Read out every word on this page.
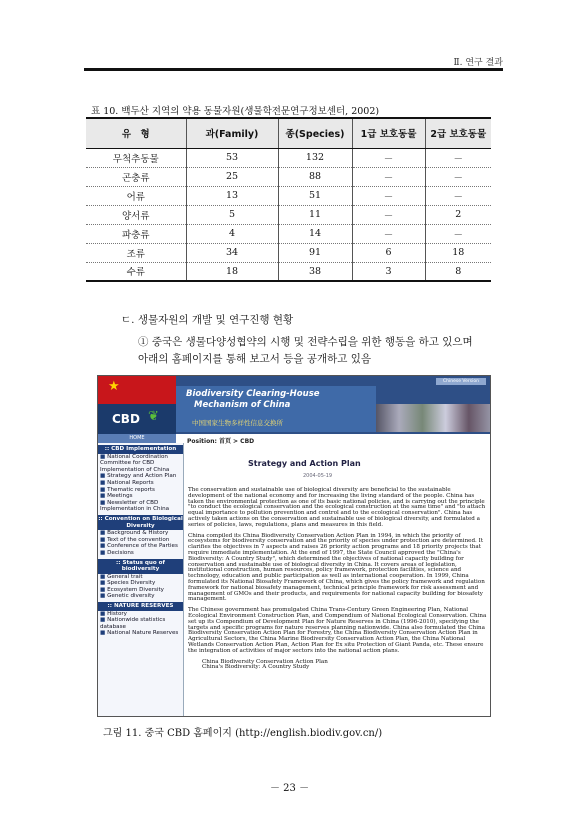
Ⅱ. 연구 결과
표 10. 백두산 지역의 약용 동물자원(생물학전문연구정보센터, 2002)
유　형	과(Family)	종(Species)	1급 보호동물	2급 보호동물
무척추동물	53	132	－	－
곤충류	25	88	－	－
어류	13	51	－	－
양서류	5	11	－	2
파충류	4	14	－	－
조류	34	91	6	18
수류	18	38	3	8
ㄷ. 생물자원의 개발 및 연구진행 현황
① 중국은 생물다양성협약의 시행 및 전략수립을 위한 행동을 하고 있으며
아래의 홈페이지를 통해 보고서 등을 공개하고 있음
★
CBD ❦
Biodiversity Clearing-House
Mechanism of China
中国国家生物多样性信息交换所
Chinese Version
HOME
:: CBD Implementation
■ National Coordination Committee for CBD Implementation of China
■ Strategy and Action Plan
■ National Reports
■ Thematic reports
■ Meetings
■ Newsletter of CBD Implementation in China
:: Convention on Biological Diversity
■ Background & History
■ Text of the convention
■ Conference of the Parties
■ Decisions
:: Status quo of biodiversity
■ General trait
■ Species Diversity
■ Ecosystem Diversity
■ Genetic diversity
:: NATURE RESERVES
■ History
■ Nationwide statistics database
■ National Nature Reserves
Position: 首页 > CBD
Strategy and Action Plan
2004-05-19

The conservation and sustainable use of biological diversity are beneficial to the sustainable development of the national economy and for increasing the living standard of the people. China has taken the environmental protection as one of its basic national policies, and is carrying out the principle "to conduct the ecological conservation and the ecological construction at the same time" and "to attach equal importance to pollution prevention and control and to the ecological conservation". China has actively taken actions on the conservation and sustainable use of biological diversity, and formulated a series of policies, laws, regulations, plans and measures in this field.

China compiled its China Biodiversity Conservation Action Plan in 1994, in which the priority of ecosystems for biodiversity conservation and the priority of species under protection are determined. It clarifies the objectives in 7 aspects and raises 26 priority action programs and 18 priority projects that require immediate implementation. At the end of 1997, the State Council approved the "China's Biodiversity: A Country Study", which determined the objectives of national capacity building for conservation and sustainable use of biological diversity in China. It covers areas of legislation, institutional construction, human resources, policy framework, protection facilities, science and technology, education and public participation as well as international cooperation. In 1999, China formulated its National Biosafety Framework of China, which gives the policy framework and regulation framework for national biosafety management, technical principle framework for risk assessment and management of GMOs and their products, and requirements for national capacity building for biosafety management.

The Chinese government has promulgated China Trans-Century Green Engineering Plan, National Ecological Environment Construction Plan, and Compendium of National Ecological Conservation. China set up its Compendium of Development Plan for Nature Reserves in China (1996-2010), specifying the targets and specific programs for nature reserves planning nationwide. China also formulated the China Biodiversity Conservation Action Plan for Forestry, the China Biodiversity Conservation Action Plan in Agricultural Sectors, the China Marine Biodiversity Conservation Action Plan, the China National Wetlands Conservation Action Plan, Action Plan for Ex situ Protection of Giant Panda, etc. These ensure the integration of activities of major sectors into the national action plans.

China Biodiversity Conservation Action Plan
China's Biodiversity: A Country Study
그림 11. 중국 CBD 홈페이지 (http://english.biodiv.gov.cn/)
－ 23 －
